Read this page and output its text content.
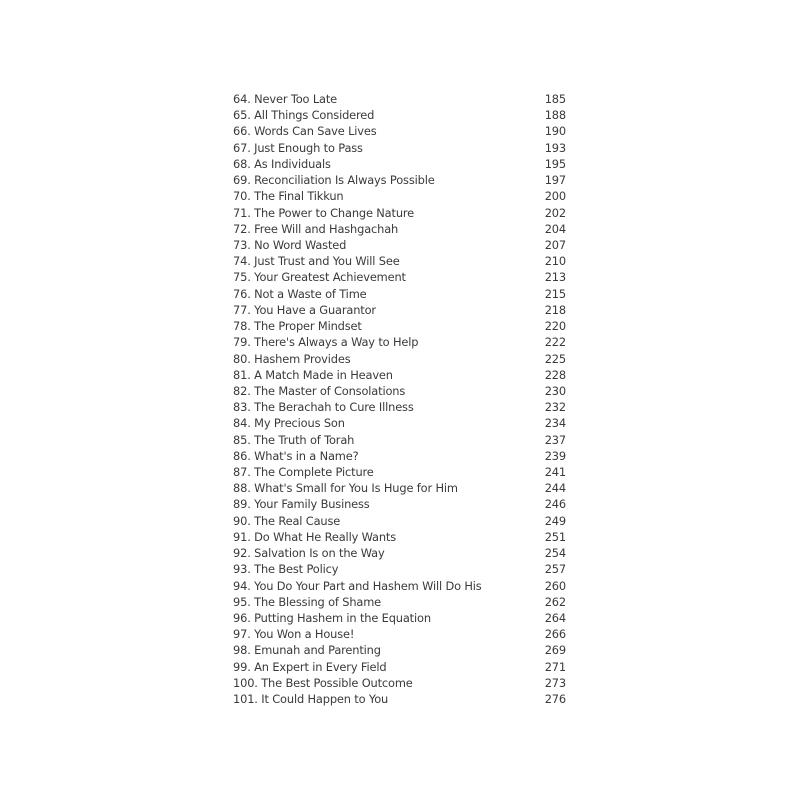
64. Never Too Late	185
65. All Things Considered	188
66. Words Can Save Lives	190
67. Just Enough to Pass	193
68. As Individuals	195
69. Reconciliation Is Always Possible	197
70. The Final Tikkun	200
71. The Power to Change Nature	202
72. Free Will and Hashgachah	204
73. No Word Wasted	207
74. Just Trust and You Will See	210
75. Your Greatest Achievement	213
76. Not a Waste of Time	215
77. You Have a Guarantor	218
78. The Proper Mindset	220
79. There's Always a Way to Help	222
80. Hashem Provides	225
81. A Match Made in Heaven	228
82. The Master of Consolations	230
83. The Berachah to Cure Illness	232
84. My Precious Son	234
85. The Truth of Torah	237
86. What's in a Name?	239
87. The Complete Picture	241
88. What's Small for You Is Huge for Him	244
89. Your Family Business	246
90. The Real Cause	249
91. Do What He Really Wants	251
92. Salvation Is on the Way	254
93. The Best Policy	257
94. You Do Your Part and Hashem Will Do His	260
95. The Blessing of Shame	262
96. Putting Hashem in the Equation	264
97. You Won a House!	266
98. Emunah and Parenting	269
99. An Expert in Every Field	271
100. The Best Possible Outcome	273
101. It Could Happen to You	276
